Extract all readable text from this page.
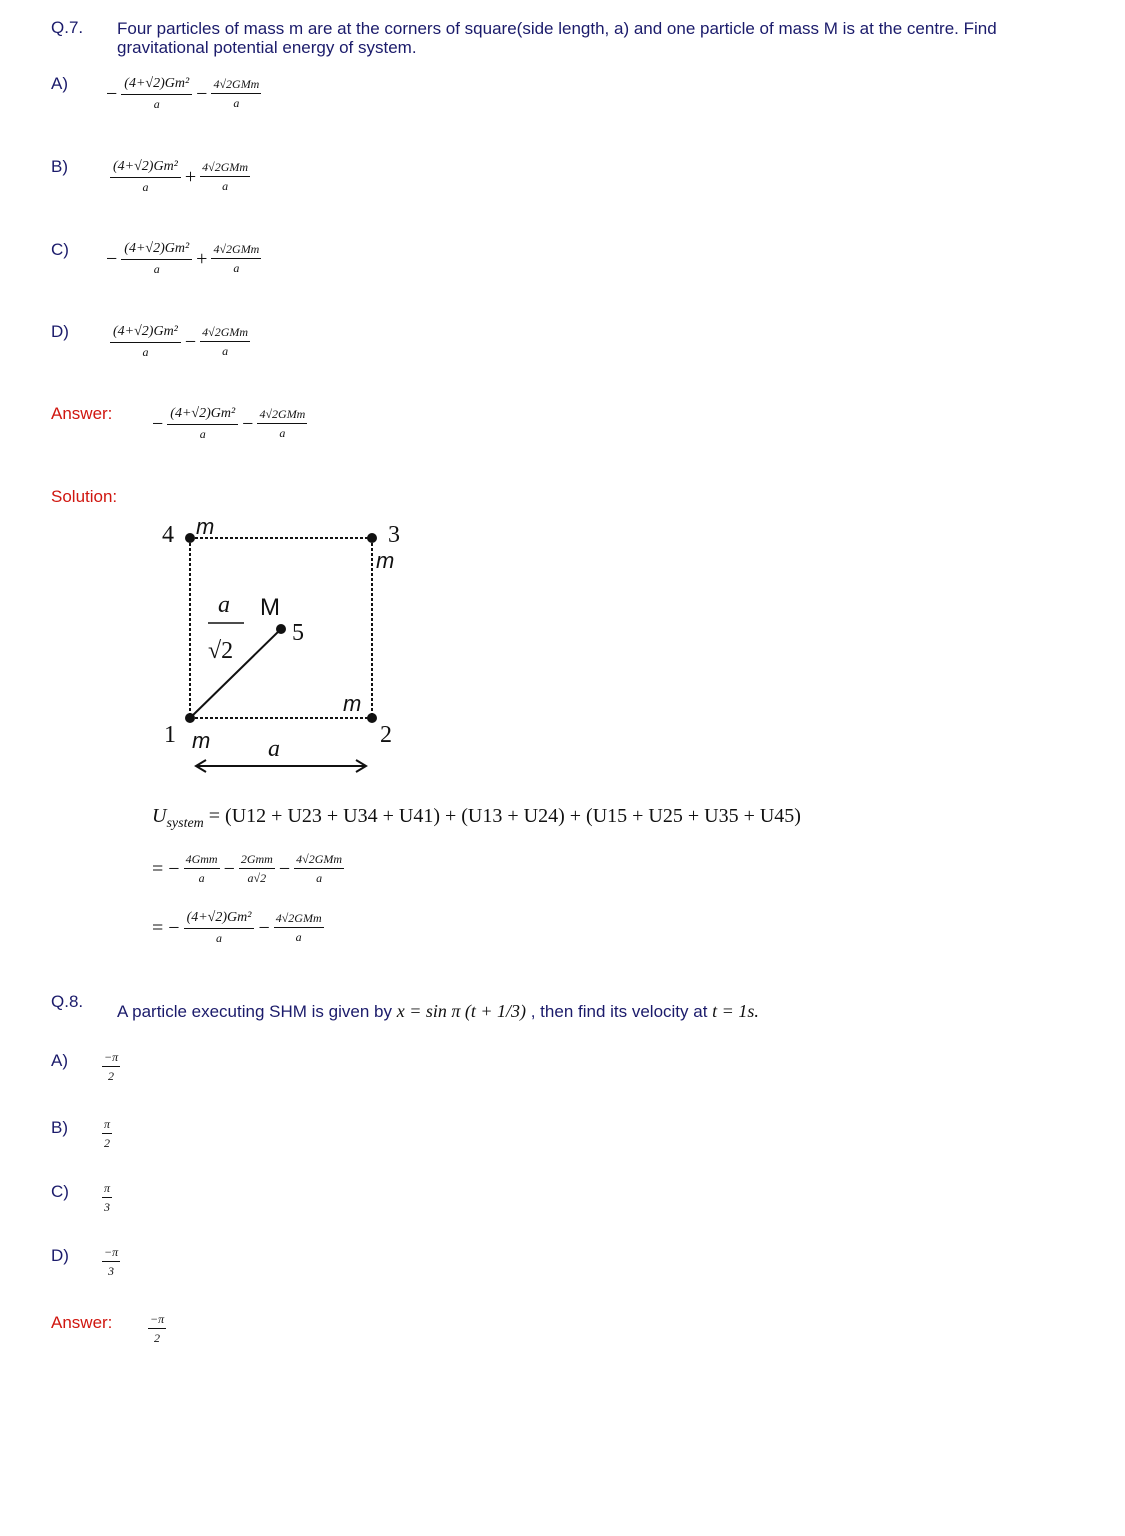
Q.7. Four particles of mass m are at the corners of square(side length, a) and one particle of mass M is at the centre. Find
gravitational potential energy of system.
$A) - \frac{\text{(4+√2)Gm²}}{a} - \frac{\text{4√2GMm}}{a}$
B)	$\frac{\text{(4+√2)Gm²}}{a} + \frac{\text{4√2GMm}}{a}$
$C) - \frac{\text{(4+√2)Gm²}}{a} + \frac{\text{4√2GMm}}{a}$
D)	$\frac{\text{(4+√2)Gm²}}{a} - \frac{\text{4√2GMm}}{a}$
Answer: − $\frac{\text{(4+√2)Gm²}}{a} - \frac{\text{4√2GMm}}{a}$
Solution:
4	3
1	2
5
m
m
m
m
M
a
√2
a
$U_{system} = (U12 + U23 + U34 + U41) + (U13 + U24) + (U15 + U25 + U35 + U45)$
= − $\frac{\text{4Gmm}}{a} - \frac{\text{2Gmm}}{a√2} - \frac{\text{4√2GMm}}{a}$
= − $\frac{\text{(4+√2)Gm²}}{a} - \frac{\text{4√2GMm}}{a}$
Q.8.
A particle executing SHM is given by x = sin π (t + 1/3) , then find its velocity at t = 1s.
A)	$\frac{-\pi}{2}$
B)	$\frac{\pi}{2}$
C)	$\frac{\pi}{3}$
D)	$\frac{-\pi}{3}$
Answer:	$\frac{-\pi}{2}$
